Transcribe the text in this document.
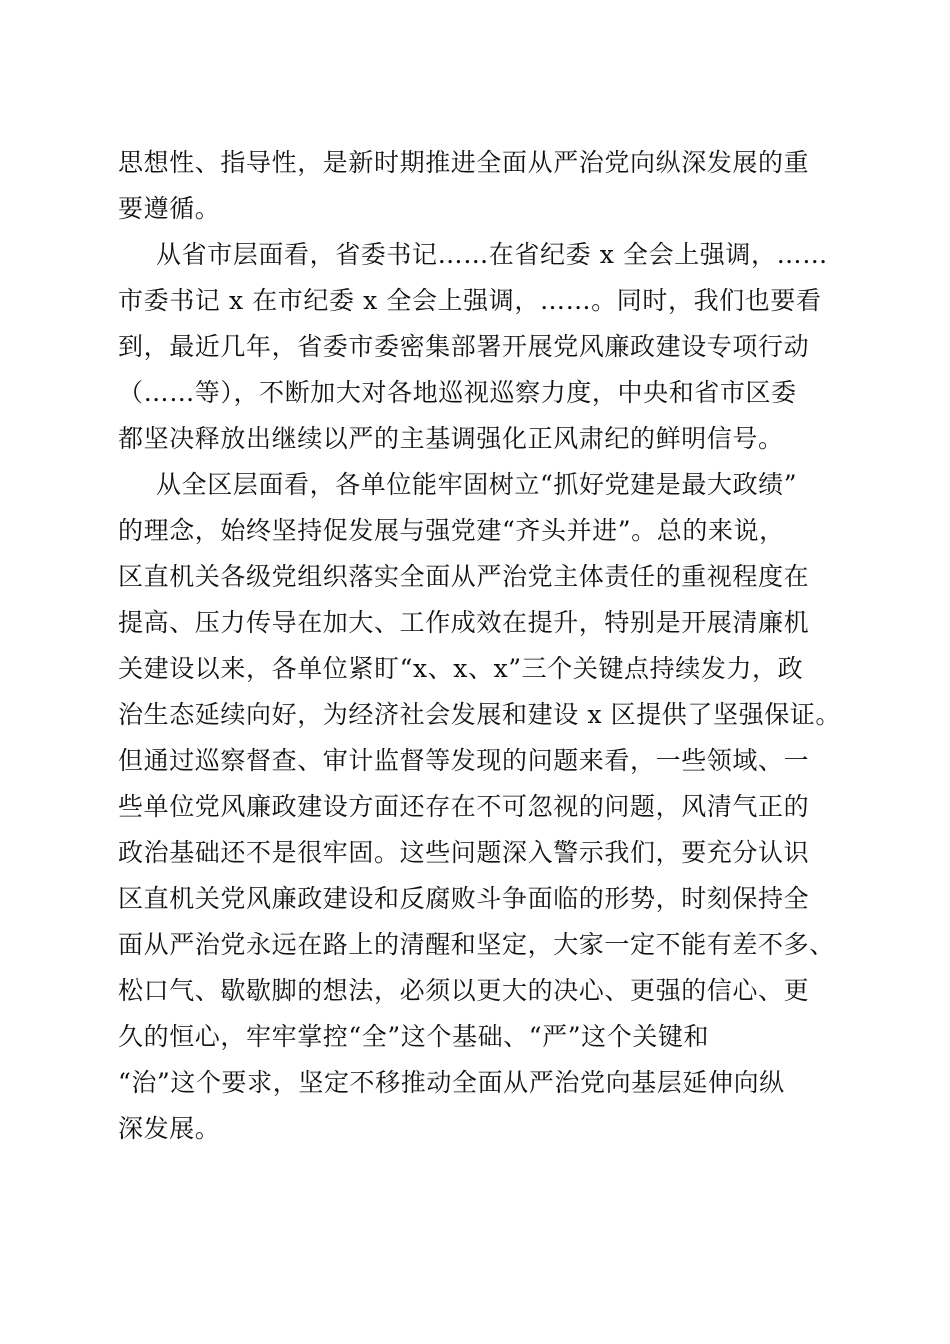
思想性、指导性，是新时期推进全面从严治党向纵深发展的重
要遵循。
从省市层面看，省委书记……在省纪委 x 全会上强调，……
市委书记 x 在市纪委 x 全会上强调，……。同时，我们也要看
到，最近几年，省委市委密集部署开展党风廉政建设专项行动
（……等），不断加大对各地巡视巡察力度，中央和省市区委
都坚决释放出继续以严的主基调强化正风肃纪的鲜明信号。
从全区层面看，各单位能牢固树立“抓好党建是最大政绩”
的理念，始终坚持促发展与强党建“齐头并进”。总的来说，
区直机关各级党组织落实全面从严治党主体责任的重视程度在
提高、压力传导在加大、工作成效在提升，特别是开展清廉机
关建设以来，各单位紧盯“x、x、x”三个关键点持续发力，政
治生态延续向好，为经济社会发展和建设 x 区提供了坚强保证。
但通过巡察督查、审计监督等发现的问题来看，一些领域、一
些单位党风廉政建设方面还存在不可忽视的问题，风清气正的
政治基础还不是很牢固。这些问题深入警示我们，要充分认识
区直机关党风廉政建设和反腐败斗争面临的形势，时刻保持全
面从严治党永远在路上的清醒和坚定，大家一定不能有差不多、
松口气、歇歇脚的想法，必须以更大的决心、更强的信心、更
久的恒心，牢牢掌控“全”这个基础、“严”这个关键和
“治”这个要求，坚定不移推动全面从严治党向基层延伸向纵
深发展。
